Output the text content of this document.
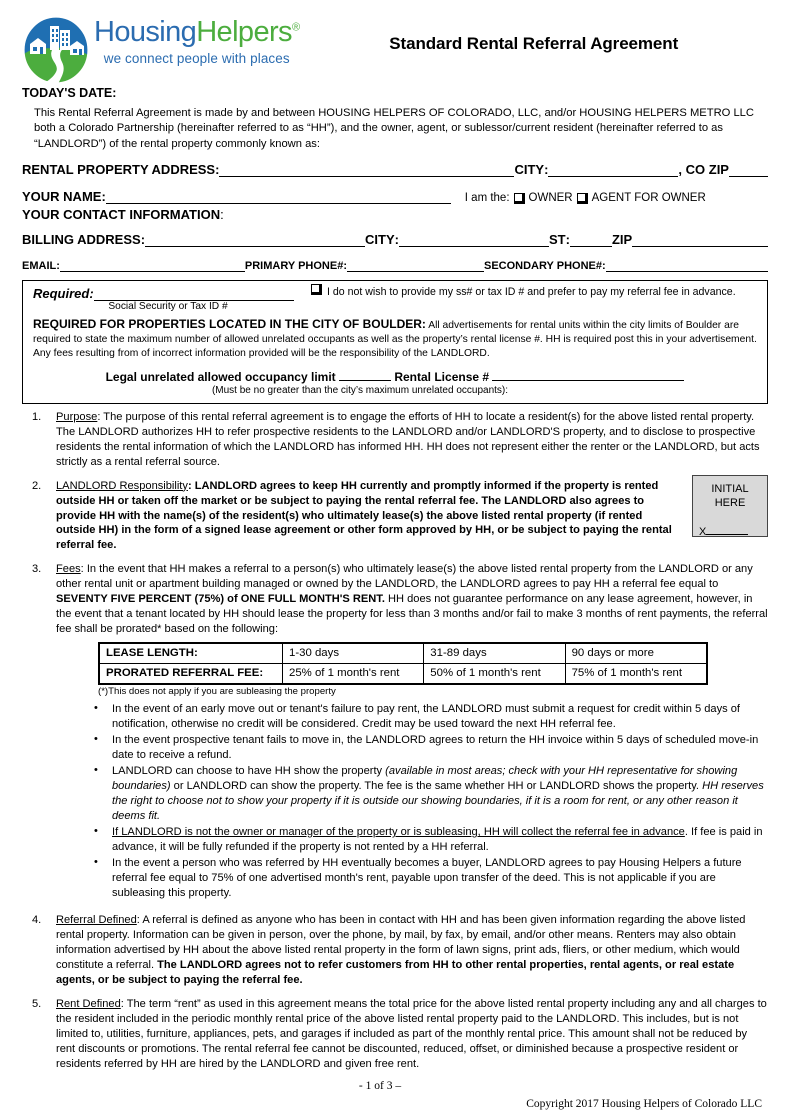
HousingHelpers®
we connect people with places
Standard Rental Referral Agreement
TODAY'S DATE:

This Rental Referral Agreement is made by and between HOUSING HELPERS OF COLORADO, LLC, and/or HOUSING HELPERS METRO LLC both a Colorado Partnership (hereinafter referred to as “HH”), and the owner, agent, or sublessor/current resident (hereinafter referred to as “LANDLORD”) of the rental property commonly known as:

RENTAL PROPERTY ADDRESS :	CITY :	, CO ZIP
YOUR NAME:	I am the: OWNER AGENT FOR OWNER
YOUR CONTACT INFORMATION :
BILLING ADDRESS:	CITY :	ST :	ZIP
EMAIL :	PRIMARY PHONE# :	SECONDARY PHONE# :
Required:
Social Security or Tax ID #
I do not wish to provide my ss# or tax ID # and prefer to pay my referral fee in advance.
REQUIRED FOR PROPERTIES LOCATED IN THE CITY OF BOULDER: All advertisements for rental units within the city limits of Boulder are required to state the maximum number of allowed unrelated occupants as well as the property’s rental license #. HH is required post this in your advertisement. Any fees resulting from of incorrect information provided will be the responsibility of the LANDLORD.
Legal unrelated allowed occupancy limit	Rental License #
(Must be no greater than the city’s maximum unrelated occupants):
Purpose: The purpose of this rental referral agreement is to engage the efforts of HH to locate a resident(s) for the above listed rental property. The LANDLORD authorizes HH to refer prospective residents to the LANDLORD and/or LANDLORD'S property, and to disclose to prospective residents the rental information of which the LANDLORD has informed HH. HH does not represent either the renter or the LANDLORD, but acts strictly as a rental referral source.
LANDLORD Responsibility: LANDLORD agrees to keep HH currently and promptly informed if the property is rented outside HH or taken off the market or be subject to paying the rental referral fee. The LANDLORD also agrees to provide HH with the name(s) of the resident(s) who ultimately lease(s) the above listed rental property (if rented outside HH) in the form of a signed lease agreement or other form approved by HH, or be subject to paying the rental referral fee.
INITIAL
HERE
X
Fees: In the event that HH makes a referral to a person(s) who ultimately lease(s) the above listed rental property from the LANDLORD or any other rental unit or apartment building managed or owned by the LANDLORD, the LANDLORD agrees to pay HH a referral fee equal to SEVENTY FIVE PERCENT (75%) of ONE FULL MONTH'S RENT. HH does not guarantee performance on any lease agreement, however, in the event that a tenant located by HH should lease the property for less than 3 months and/or fail to make 3 months of rent payments, the referral fee shall be prorated* based on the following:
LEASE LENGTH:	1-30 days	31-89 days	90 days or more
PRORATED REFERRAL FEE:	25% of 1 month's rent	50% of 1 month's rent	75% of 1 month's rent
(*)This does not apply if you are subleasing the property
• In the event of an early move out or tenant's failure to pay rent, the LANDLORD must submit a request for credit within 5 days of notification, otherwise no credit will be considered. Credit may be used toward the next HH referral fee.
• In the event prospective tenant fails to move in, the LANDLORD agrees to return the HH invoice within 5 days of scheduled move-in date to receive a refund.
• LANDLORD can choose to have HH show the property (available in most areas; check with your HH representative for showing boundaries) or LANDLORD can show the property. The fee is the same whether HH or LANDLORD shows the property. HH reserves the right to choose not to show your property if it is outside our showing boundaries, if it is a room for rent, or any other reason it deems fit.
• If LANDLORD is not the owner or manager of the property or is subleasing, HH will collect the referral fee in advance. If fee is paid in advance, it will be fully refunded if the property is not rented by a HH referral.
• In the event a person who was referred by HH eventually becomes a buyer, LANDLORD agrees to pay Housing Helpers a future referral fee equal to 75% of one advertised month's rent, payable upon transfer of the deed. This is not applicable if you are subleasing this property.
Referral Defined: A referral is defined as anyone who has been in contact with HH and has been given information regarding the above listed rental property. Information can be given in person, over the phone, by mail, by fax, by email, and/or other means. Renters may also obtain information advertised by HH about the above listed rental property in the form of lawn signs, print ads, fliers, or other medium, which would constitute a referral. The LANDLORD agrees not to refer customers from HH to other rental properties, rental agents, or real estate agents, or be subject to paying the referral fee.
Rent Defined: The term “rent” as used in this agreement means the total price for the above listed rental property including any and all charges to the resident included in the periodic monthly rental price of the above listed rental property paid to the LANDLORD. This includes, but is not limited to, utilities, furniture, appliances, pets, and garages if included as part of the monthly rental price. This amount shall not be reduced by rent discounts or promotions. The rental referral fee cannot be discounted, reduced, offset, or diminished because a prospective resident or residents referred by HH are hired by the LANDLORD and given free rent.
- 1 of 3 –
Copyright 2017 Housing Helpers of Colorado LLC
